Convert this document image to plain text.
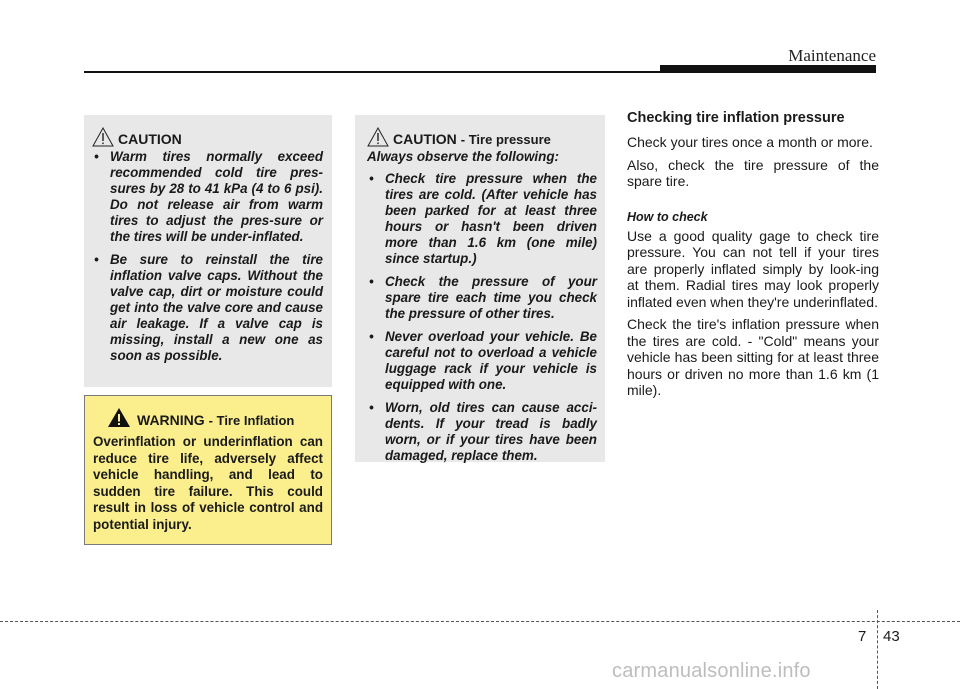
Maintenance
CAUTION
• Warm tires normally exceed recommended cold tire pres-sures by 28 to 41 kPa (4 to 6 psi). Do not release air from warm tires to adjust the pres-sure or the tires will be under-inflated.
• Be sure to reinstall the tire inflation valve caps. Without the valve cap, dirt or moisture could get into the valve core and cause air leakage. If a valve cap is missing, install a new one as soon as possible.
WARNING - Tire Inflation
Overinflation or underinflation can reduce tire life, adversely affect vehicle handling, and lead to sudden tire failure. This could result in loss of vehicle control and potential injury.
CAUTION - Tire pressure
Always observe the following:
• Check tire pressure when the tires are cold. (After vehicle has been parked for at least three hours or hasn't been driven more than 1.6 km (one mile) since startup.)
• Check the pressure of your spare tire each time you check the pressure of other tires.
• Never overload your vehicle. Be careful not to overload a vehicle luggage rack if your vehicle is equipped with one.
• Worn, old tires can cause acci-dents. If your tread is badly worn, or if your tires have been damaged, replace them.
Checking tire inflation pressure

Check your tires once a month or more.

Also, check the tire pressure of the spare tire.

How to check

Use a good quality gage to check tire pressure. You can not tell if your tires are properly inflated simply by look-ing at them. Radial tires may look properly inflated even when they're underinflated.

Check the tire's inflation pressure when the tires are cold. - "Cold" means your vehicle has been sitting for at least three hours or driven no more than 1.6 km (1 mile).

7 43
carmanualsonline.info
